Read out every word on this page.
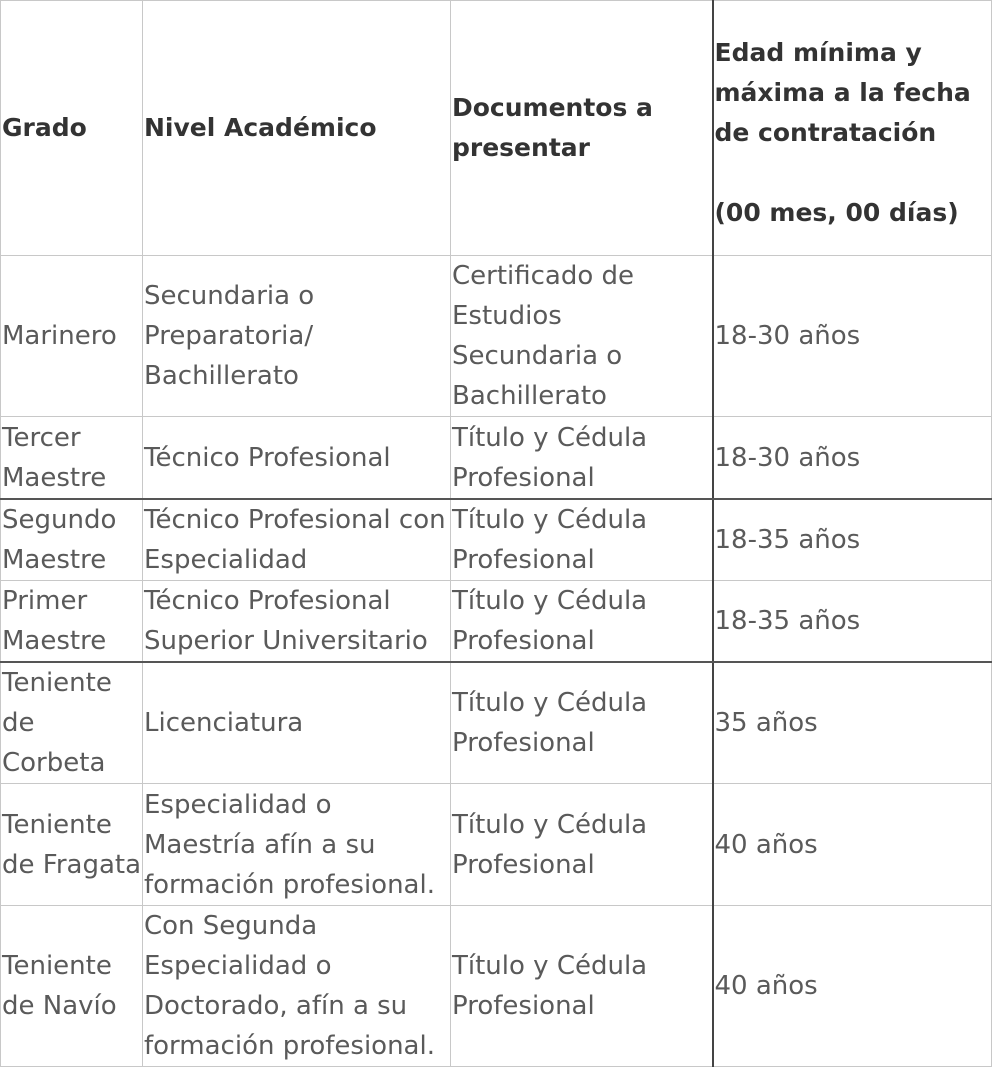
Grado	Nivel Académico	Documentos a presentar	Edad mínima y máxima a la fecha de contratación
(00 mes, 00 días)
Marinero	Secundaria o Preparatoria/ Bachillerato	Certificado de Estudios Secundaria o Bachillerato	18-30 años
Tercer Maestre	Técnico Profesional	Título y Cédula Profesional	18-30 años
Segundo Maestre	Técnico Profesional con Especialidad	Título y Cédula Profesional	18-35 años
Primer Maestre	Técnico Profesional Superior Universitario	Título y Cédula Profesional	18-35 años
Teniente de Corbeta	Licenciatura	Título y Cédula Profesional	35 años
Teniente de Fragata	Especialidad o Maestría afín a su formación profesional.	Título y Cédula Profesional	40 años
Teniente de Navío	Con Segunda Especialidad o Doctorado, afín a su formación profesional.	Título y Cédula Profesional	40 años
